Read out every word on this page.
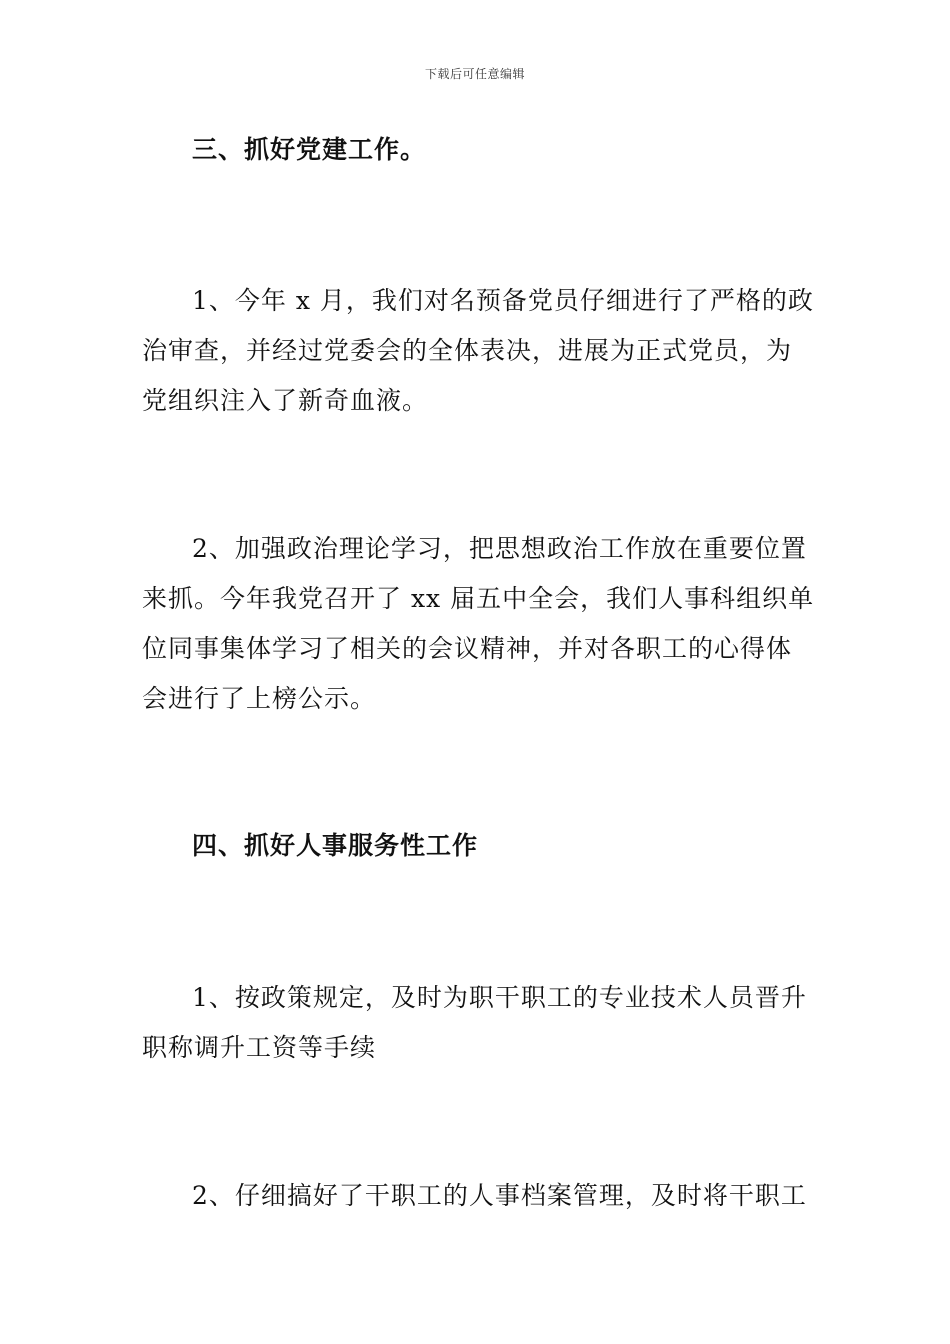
下载后可任意编辑
三、抓好党建工作。

1、今年 x 月，我们对名预备党员仔细进行了严格的政
治审查，并经过党委会的全体表决，进展为正式党员，为
党组织注入了新奇血液。

2、加强政治理论学习，把思想政治工作放在重要位置
来抓。今年我党召开了 xx 届五中全会，我们人事科组织单
位同事集体学习了相关的会议精神，并对各职工的心得体
会进行了上榜公示。

四、抓好人事服务性工作

1、按政策规定，及时为职干职工的专业技术人员晋升
职称调升工资等手续

2、仔细搞好了干职工的人事档案管理，及时将干职工
